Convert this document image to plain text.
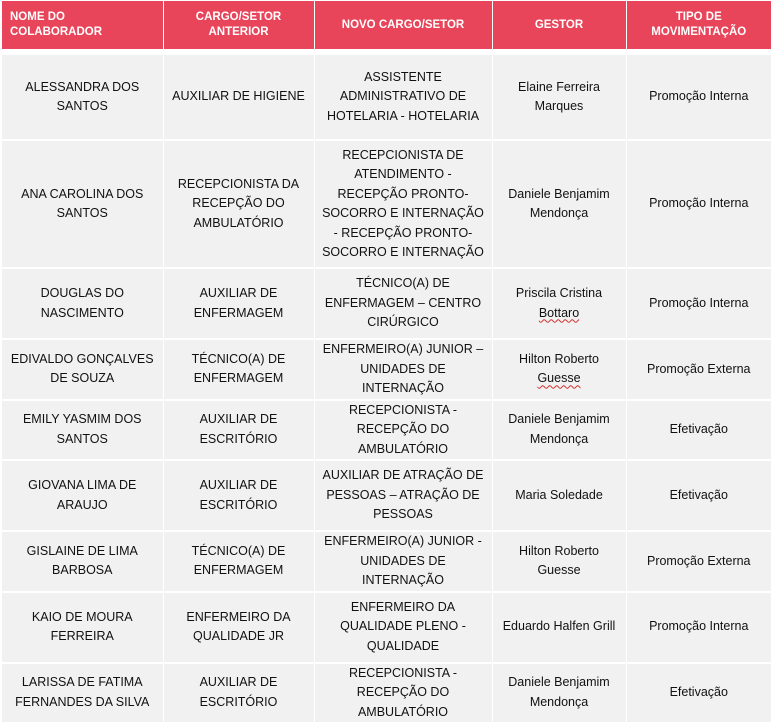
NOME DO COLABORADOR	CARGO/SETOR ANTERIOR	NOVO CARGO/SETOR	GESTOR	TIPO DE MOVIMENTAÇÃO

ALESSANDRA DOS SANTOS	AUXILIAR DE HIGIENE	ASSISTENTE ADMINISTRATIVO DE HOTELARIA - HOTELARIA	Elaine Ferreira Marques	Promoção Interna
ANA CAROLINA DOS SANTOS	RECEPCIONISTA DA RECEPÇÃO DO AMBULATÓRIO	RECEPCIONISTA DE ATENDIMENTO - RECEPÇÃO PRONTO-SOCORRO E INTERNAÇÃO - RECEPÇÃO PRONTO-SOCORRO E INTERNAÇÃO	Daniele Benjamim Mendonça	Promoção Interna
DOUGLAS DO NASCIMENTO	AUXILIAR DE ENFERMAGEM	TÉCNICO(A) DE ENFERMAGEM – CENTRO CIRÚRGICO	Priscila Cristina Bottaro	Promoção Interna
EDIVALDO GONÇALVES DE SOUZA	TÉCNICO(A) DE ENFERMAGEM	ENFERMEIRO(A) JUNIOR – UNIDADES DE INTERNAÇÃO	Hilton Roberto Guesse	Promoção Externa
EMILY YASMIM DOS SANTOS	AUXILIAR DE ESCRITÓRIO	RECEPCIONISTA - RECEPÇÃO DO AMBULATÓRIO	Daniele Benjamim Mendonça	Efetivação
GIOVANA LIMA DE ARAUJO	AUXILIAR DE ESCRITÓRIO	AUXILIAR DE ATRAÇÃO DE PESSOAS – ATRAÇÃO DE PESSOAS	Maria Soledade	Efetivação
GISLAINE DE LIMA BARBOSA	TÉCNICO(A) DE ENFERMAGEM	ENFERMEIRO(A) JUNIOR - UNIDADES DE INTERNAÇÃO	Hilton Roberto Guesse	Promoção Externa
KAIO DE MOURA FERREIRA	ENFERMEIRO DA QUALIDADE JR	ENFERMEIRO DA QUALIDADE PLENO - QUALIDADE	Eduardo Halfen Grill	Promoção Interna
LARISSA DE FATIMA FERNANDES DA SILVA	AUXILIAR DE ESCRITÓRIO	RECEPCIONISTA - RECEPÇÃO DO AMBULATÓRIO	Daniele Benjamim Mendonça	Efetivação
